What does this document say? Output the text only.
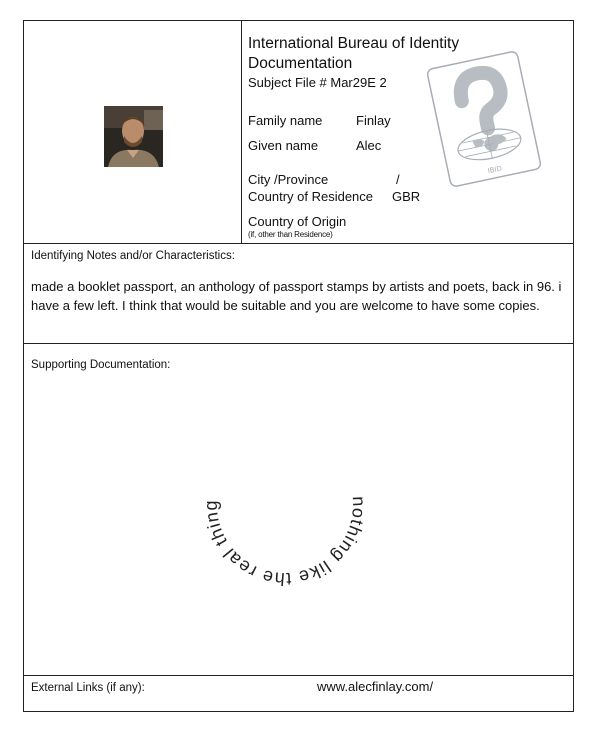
International Bureau of Identity Documentation

Subject File # Mar29E 2
IBID
Family name	Finlay
Given name	Alec
City /Province	/
Country of Residence GBR
Country of Origin
(if, other than Residence)
Identifying Notes and/or Characteristics:
made a booklet passport, an anthology of passport stamps by artists and poets, back in 96. i have a few left. I think that would be suitable and you are welcome to have some copies.
Supporting Documentation:
External Links (if any):	www.alecfinlay.com/
nothing like the real thing
